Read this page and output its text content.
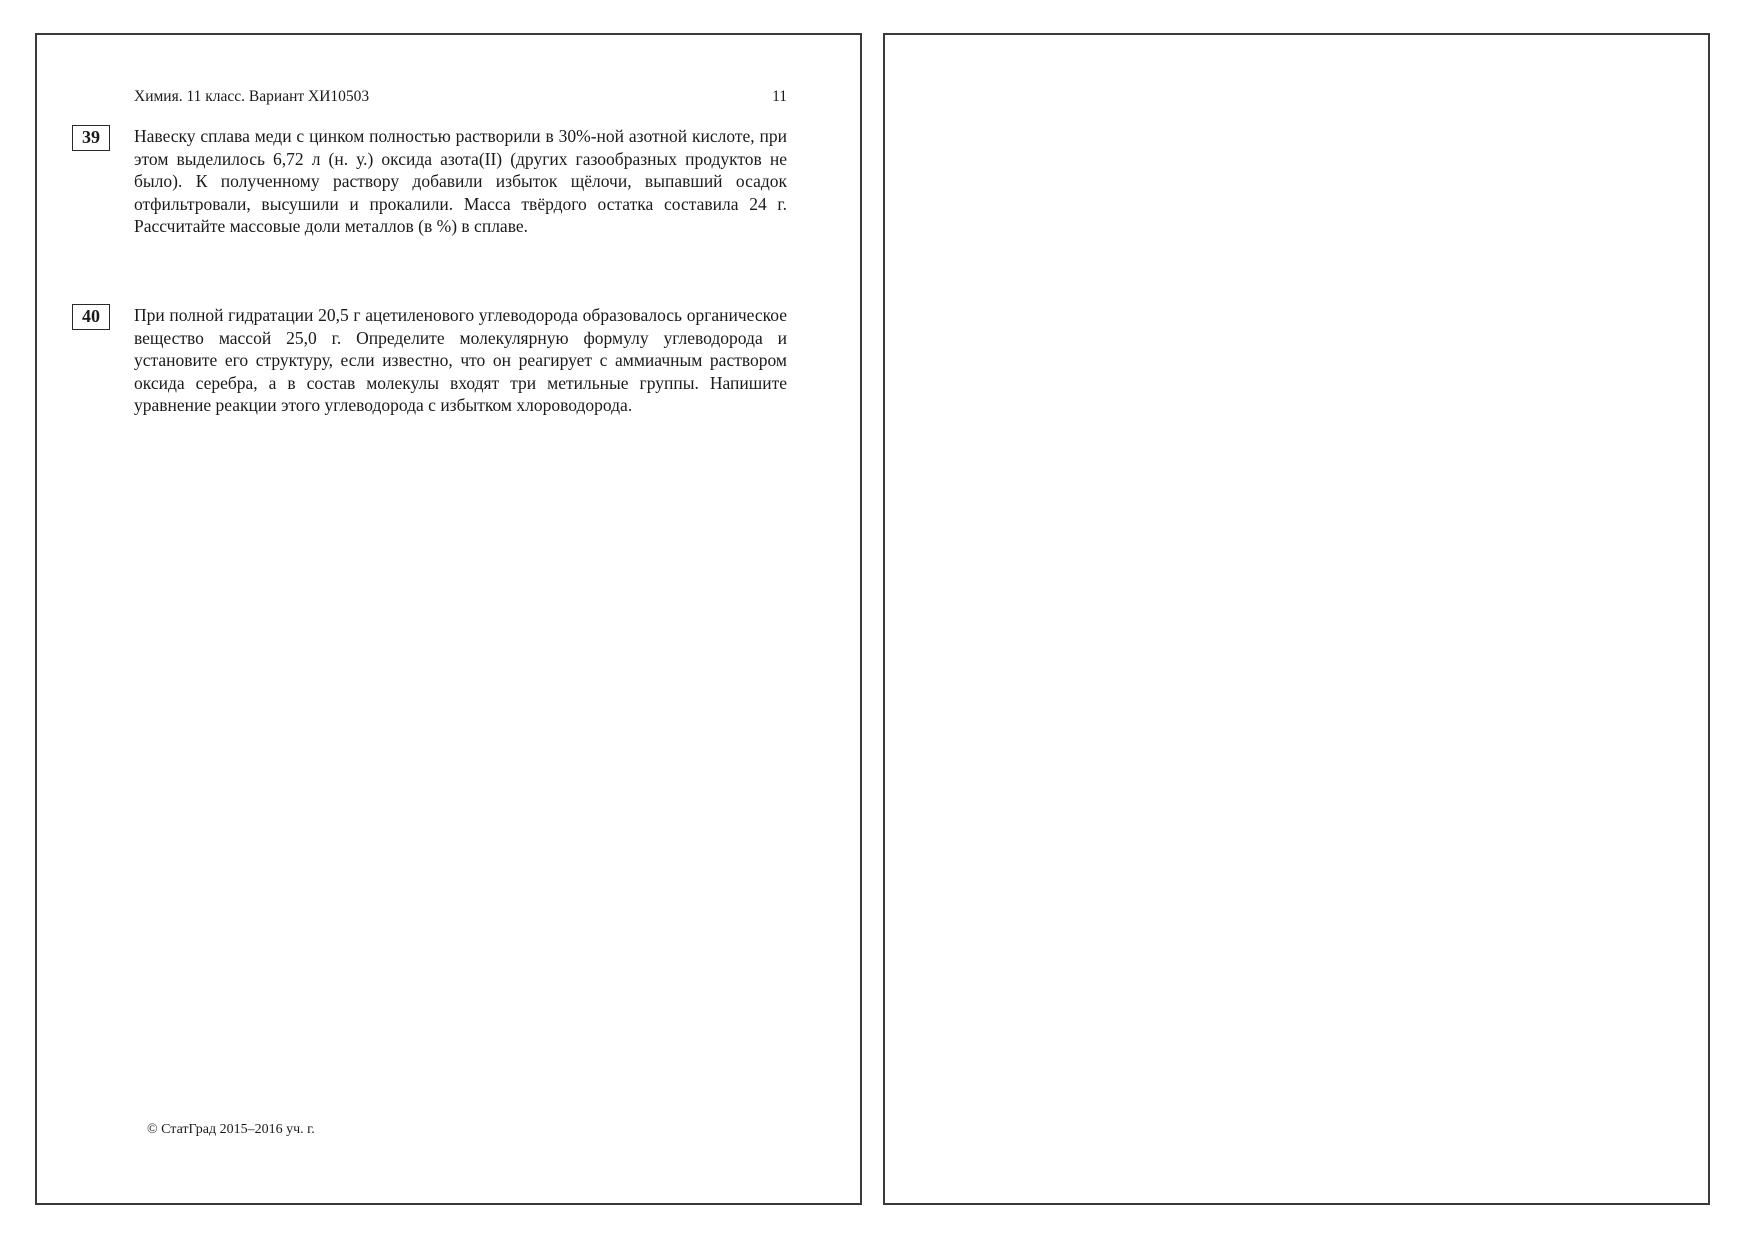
Химия. 11 класс. Вариант ХИ10503	11
39	Навеску сплава меди с цинком полностью растворили в 30%-ной азотной кислоте, при этом выделилось 6,72 л (н. у.) оксида азота(II) (других газообразных продуктов не было). К полученному раствору добавили избыток щёлочи, выпавший осадок отфильтровали, высушили и прокалили. Масса твёрдого остатка составила 24 г. Рассчитайте массовые доли металлов (в %) в сплаве.

40	При полной гидратации 20,5 г ацетиленового углеводорода образовалось органическое вещество массой 25,0 г. Определите молекулярную формулу углеводорода и установите его структуру, если известно, что он реагирует с аммиачным раствором оксида серебра, а в состав молекулы входят три метильные группы. Напишите уравнение реакции этого углеводорода с избытком хлороводорода.

© СтатГрад 2015–2016 уч. г.
